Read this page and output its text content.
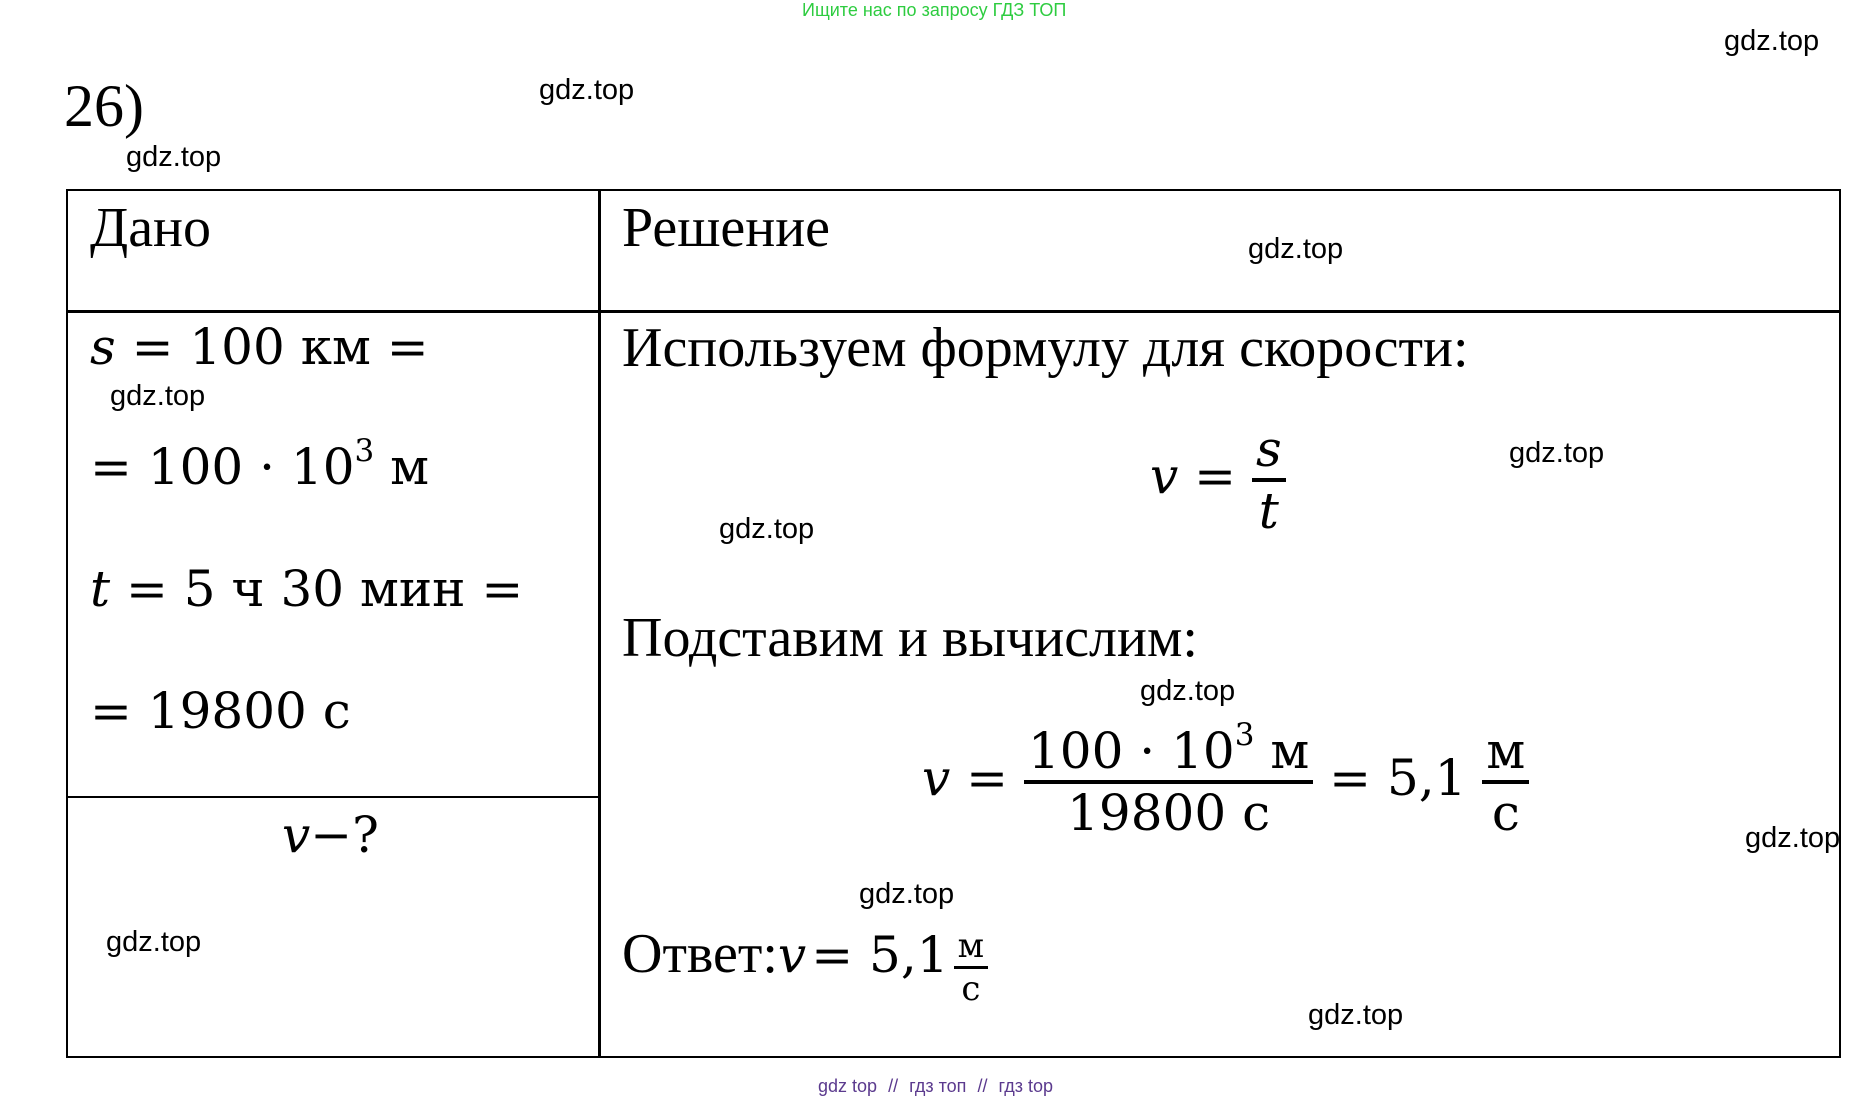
Ищите нас по запросу ГДЗ ТОП
26)
gdz.top
gdz.top
gdz.top
gdz.top
gdz.top
gdz.top
gdz.top
gdz.top
gdz.top
gdz.top
gdz.top
gdz.top
Дано	Решение
s = 100 км =
= $100 \cdot 10^3$ м
t = 5 ч 30 мин =
= 19800 с
v−?
Используем формулу для скорости:
$v = \frac{s}{t}$
Подставим и вычислим:
$v = \frac{100 \cdot 10^3 м}{19800 с} = 5,1 \frac{м}{с}$
Ответ:v = $5,1 \frac{м}{с}$
gdz top // гдз топ // гдз top
